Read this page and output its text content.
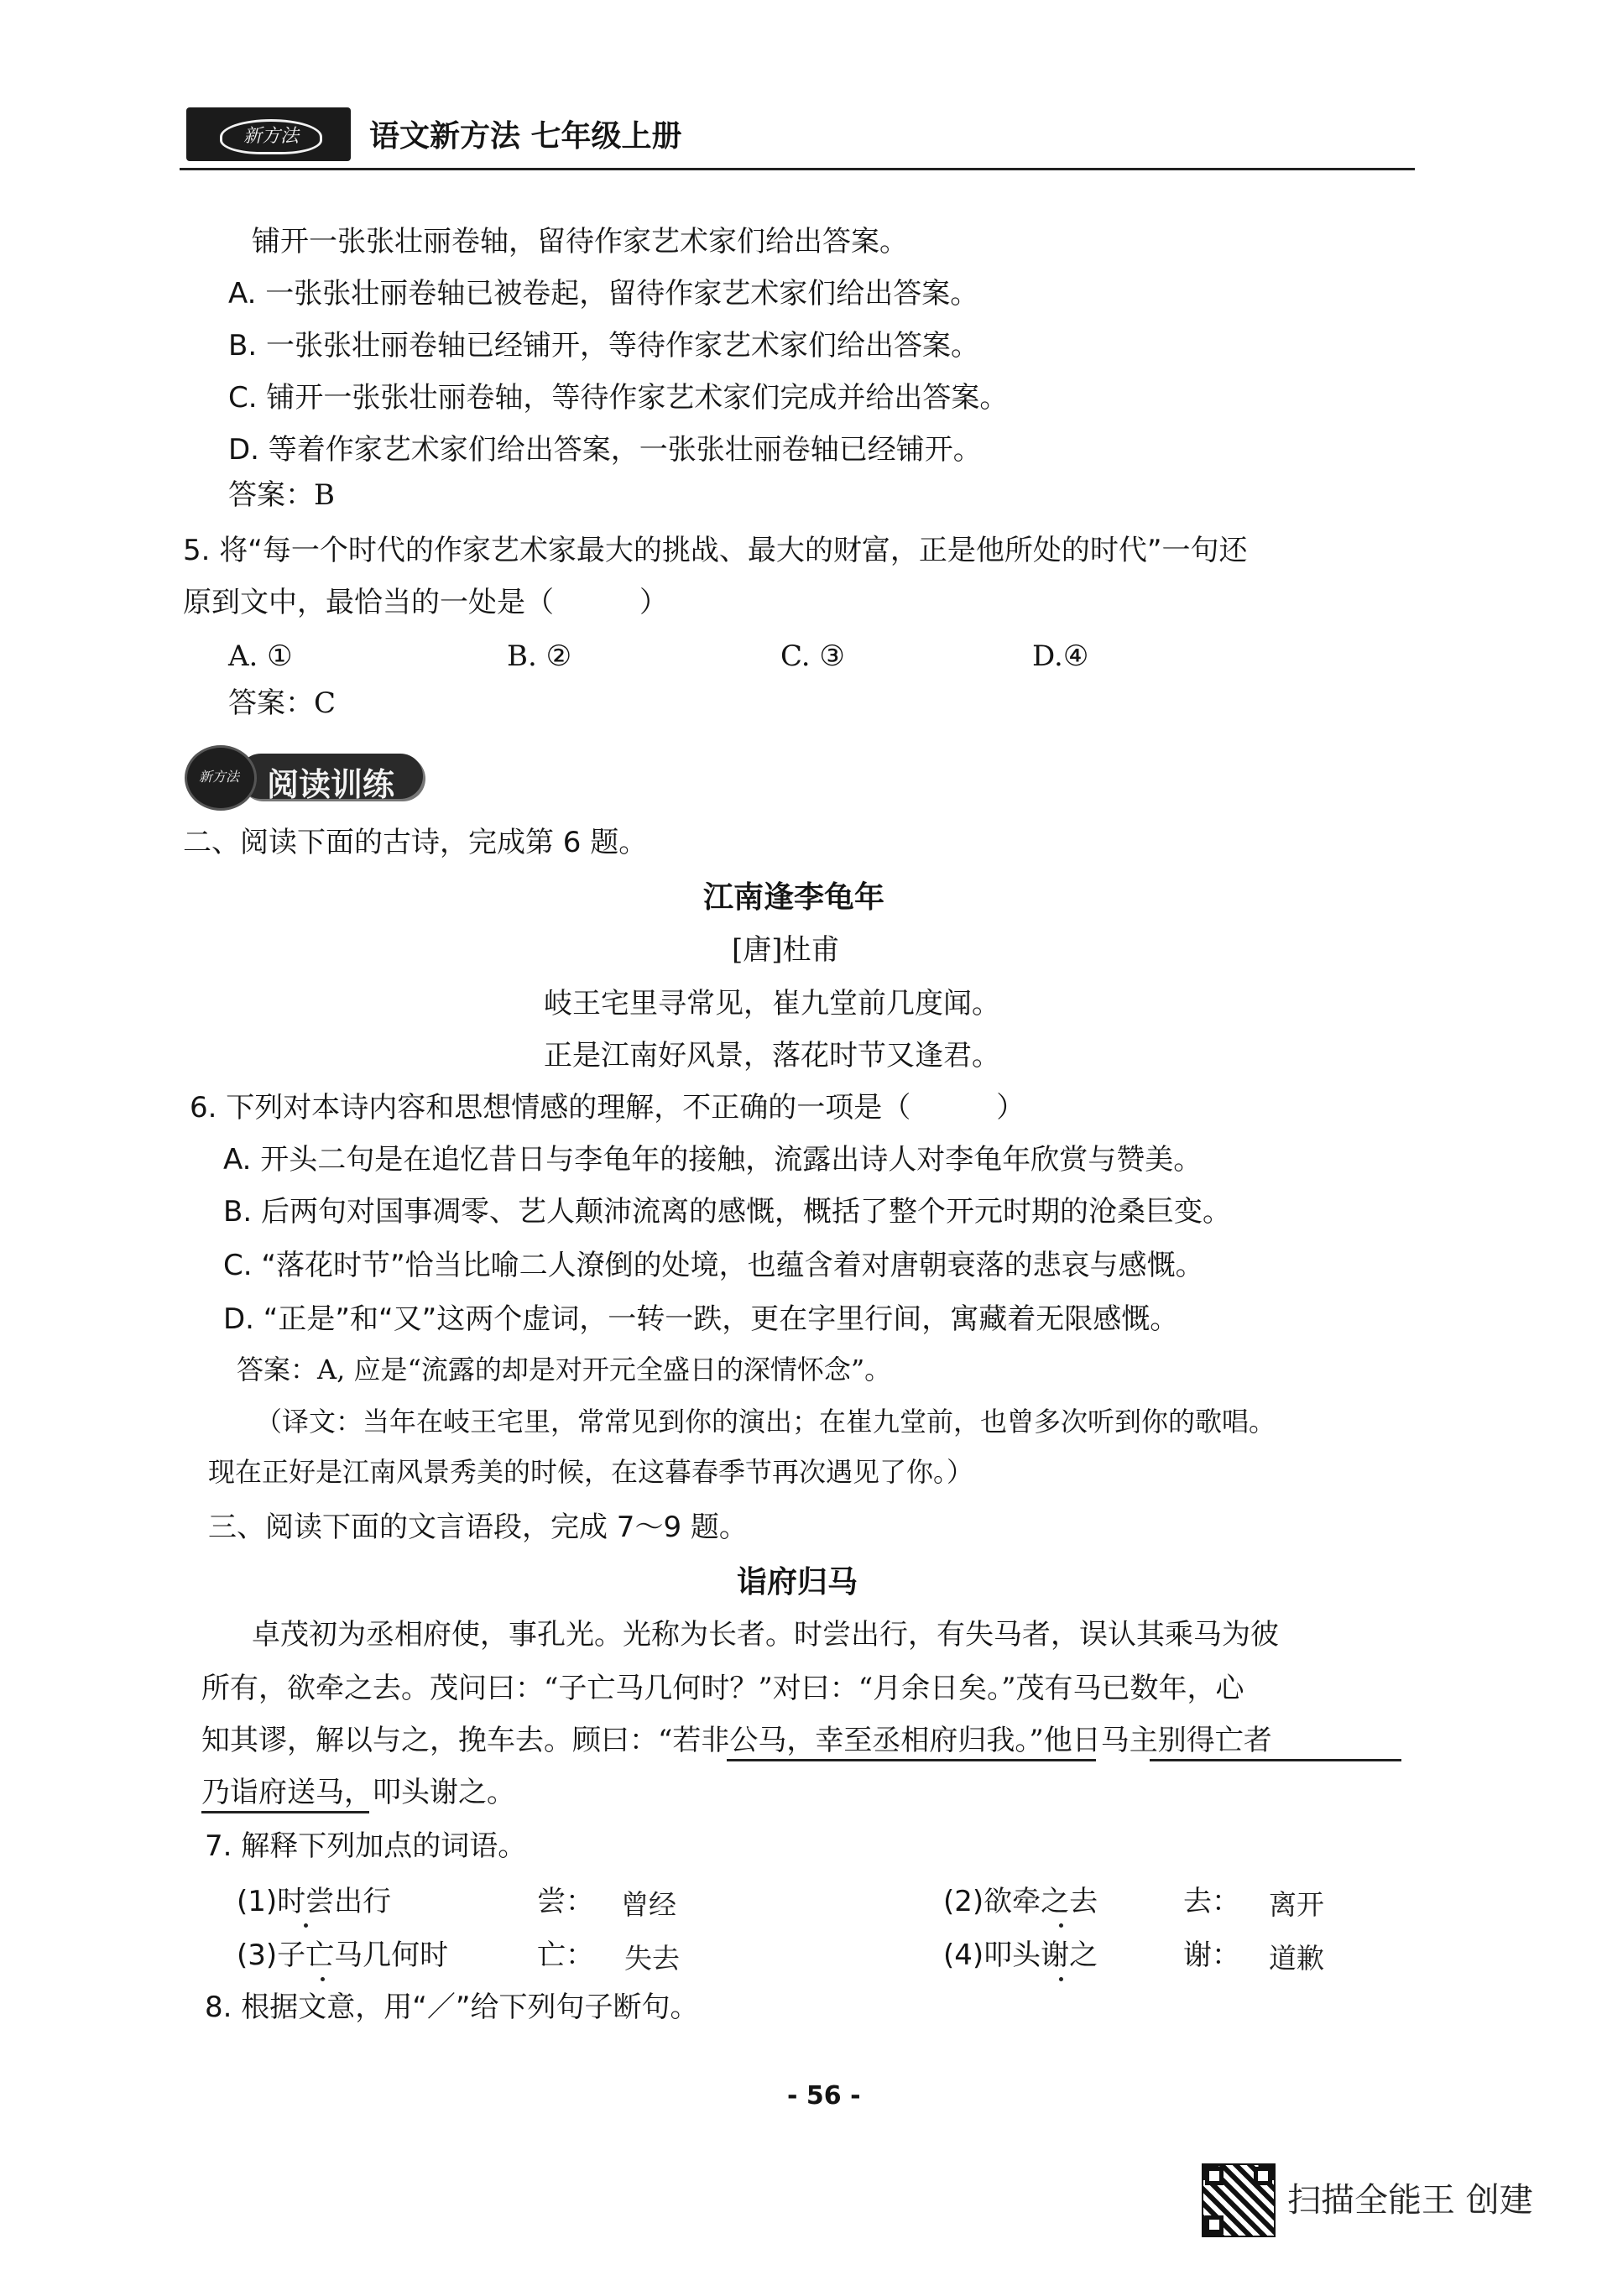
新方法	语文新方法 七年级上册
铺开一张张壮丽卷轴，留待作家艺术家们给出答案。
A. 一张张壮丽卷轴已被卷起，留待作家艺术家们给出答案。
B. 一张张壮丽卷轴已经铺开，等待作家艺术家们给出答案。
C. 铺开一张张壮丽卷轴，等待作家艺术家们完成并给出答案。
D. 等着作家艺术家们给出答案，一张张壮丽卷轴已经铺开。
答案：B
5. 将“每一个时代的作家艺术家最大的挑战、最大的财富，正是他所处的时代”一句还
原到文中，最恰当的一处是（　　　）
A. ①	B. ②	C. ③	D.④
答案：C
阅读训练
新方法
二、阅读下面的古诗，完成第 6 题。
江南逢李龟年
[唐]杜甫
岐王宅里寻常见，崔九堂前几度闻。
正是江南好风景，落花时节又逢君。
6. 下列对本诗内容和思想情感的理解，不正确的一项是（　　　）
A. 开头二句是在追忆昔日与李龟年的接触，流露出诗人对李龟年欣赏与赞美。
B. 后两句对国事凋零、艺人颠沛流离的感慨，概括了整个开元时期的沧桑巨变。
C. “落花时节”恰当比喻二人潦倒的处境，也蕴含着对唐朝衰落的悲哀与感慨。
D. “正是”和“又”这两个虚词，一转一跌，更在字里行间，寓藏着无限感慨。
答案：A, 应是“流露的却是对开元全盛日的深情怀念”。
（译文：当年在岐王宅里，常常见到你的演出；在崔九堂前，也曾多次听到你的歌唱。
现在正好是江南风景秀美的时候，在这暮春季节再次遇见了你。）
三、阅读下面的文言语段，完成 7～9 题。
诣府归马
卓茂初为丞相府使，事孔光。光称为长者。时尝出行，有失马者，误认其乘马为彼
所有，欲牵之去。茂问曰：“子亡马几何时？”对曰：“月余日矣。”茂有马已数年，心
知其谬，解以与之，挽车去。顾曰：“若非公马，幸至丞相府归我。”他日马主别得亡者
乃诣府送马，叩头谢之。
7. 解释下列加点的词语。
(1)时尝出行	尝： 曾经	(2)欲牵之去	去： 离开
(3)子亡马几何时	亡： 失去	(4)叩头谢之	谢： 道歉
8. 根据文意，用“／”给下列句子断句。
- 56 -
扫描全能王 创建
